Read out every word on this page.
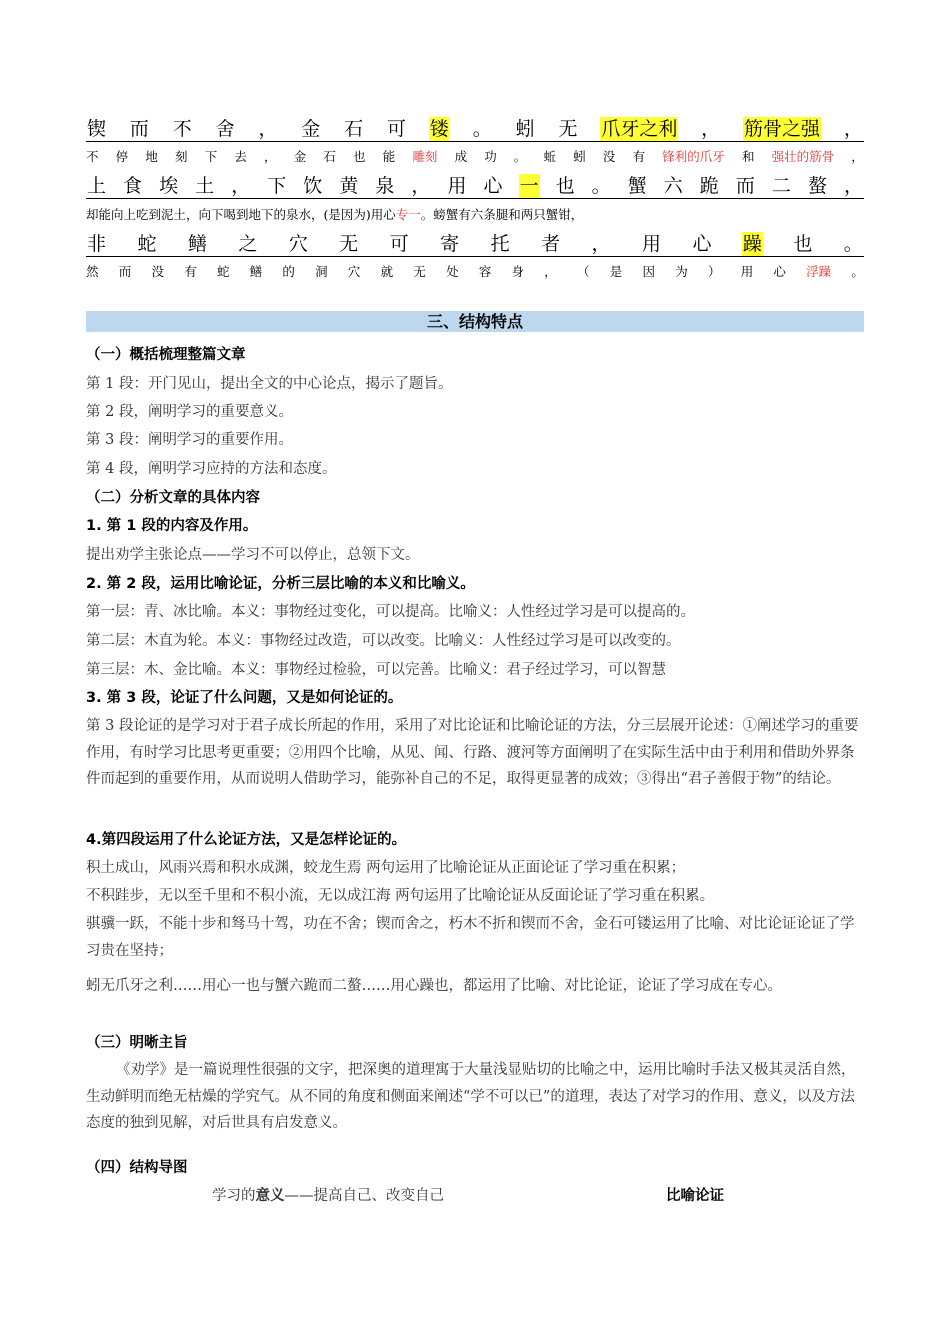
锲 而 不 舍 ， 金 石 可 镂 。 蚓 无 爪牙之利 ， 筋骨之强 ，
不 停 地 刻 下 去 ， 金 石 也 能 雕刻 成 功 。 蚯 蚓 没 有 锋利的爪牙 和 强壮的筋骨 ，
上 食 埃 土 ， 下 饮 黄 泉 ， 用 心 一 也 。 蟹 六 跪 而 二 螯 ，
却能向上吃到泥土，向下喝到地下的泉水，(是因为)用心 专一 。螃蟹有六条腿和两只蟹钳，
非 蛇 鳝 之 穴 无 可 寄 托 者 ， 用 心 躁 也 。
然 而 没 有 蛇 鳝 的 洞 穴 就 无 处 容 身 ， （ 是 因 为 ） 用 心 浮躁 。
三、结构特点
（一）概括梳理整篇文章
第 1 段：开门见山，提出全文的中心论点，揭示了题旨。
第 2 段，阐明学习的重要意义。
第 3 段：阐明学习的重要作用。
第 4 段，阐明学习应持的方法和态度。
（二）分析文章的具体内容
1. 第 1 段的内容及作用。
提出劝学主张论点——学习不可以停止，总领下文。
2. 第 2 段，运用比喻论证，分析三层比喻的本义和比喻义。
第一层：青、冰比喻。本义：事物经过变化，可以提高。比喻义：人性经过学习是可以提高的。
第二层：木直为轮。本义：事物经过改造，可以改变。比喻义：人性经过学习是可以改变的。
第三层：木、金比喻。本义：事物经过检验，可以完善。比喻义：君子经过学习，可以智慧
3. 第 3 段，论证了什么问题，又是如何论证的。
第 3 段论证的是学习对于君子成长所起的作用，采用了对比论证和比喻论证的方法，分三层展开论述：①阐述学习的重要作用，有时学习比思考更重要；②用四个比喻，从见、闻、行路、渡河等方面阐明了在实际生活中由于利用和借助外界条件而起到的重要作用，从而说明人借助学习，能弥补自己的不足，取得更显著的成效；③得出“君子善假于物”的结论。
4.第四段运用了什么论证方法，又是怎样论证的。
积土成山，风雨兴焉和积水成渊，蛟龙生焉 两句运用了比喻论证从正面论证了学习重在积累；
不积跬步，无以至千里和不积小流，无以成江海 两句运用了比喻论证从反面论证了学习重在积累。
骐骥一跃，不能十步和驽马十驾，功在不舍；锲而舍之，朽木不折和锲而不舍，金石可镂运用了比喻、对比论证论证了学习贵在坚持；
蚓无爪牙之利……用心一也与蟹六跪而二螯……用心躁也，都运用了比喻、对比论证，论证了学习成在专心。
（三）明晰主旨
《劝学》是一篇说理性很强的文字，把深奥的道理寓于大量浅显贴切的比喻之中，运用比喻时手法又极其灵活自然，生动鲜明而绝无枯燥的学究气。从不同的角度和侧面来阐述“学不可以已”的道理，表达了对学习的作用、意义，以及方法态度的独到见解，对后世具有启发意义。
（四）结构导图
学习的意义——提高自己、改变自己	比喻论证
